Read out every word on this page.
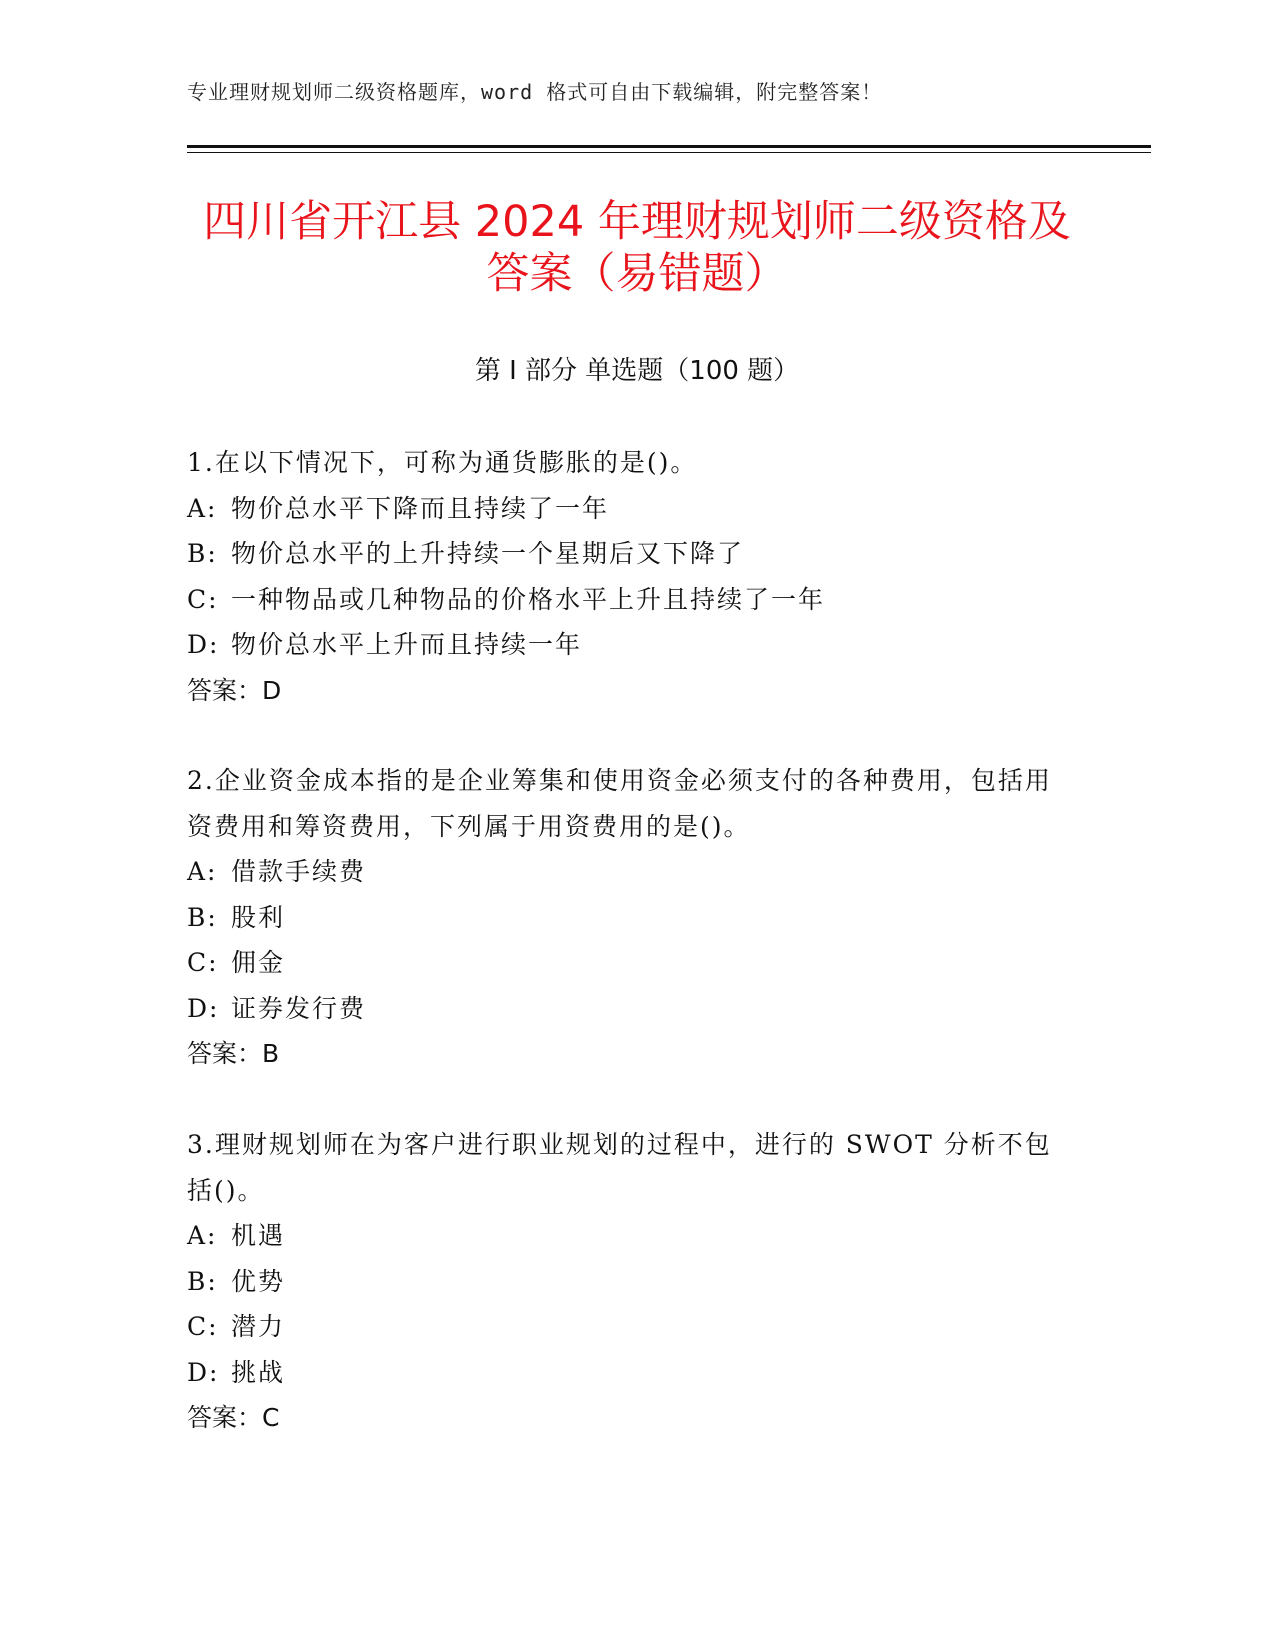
专业理财规划师二级资格题库，word 格式可自由下载编辑，附完整答案！
四川省开江县 2024 年理财规划师二级资格及
答案（易错题）
第 I 部分 单选题（100 题）

1.在以下情况下，可称为通货膨胀的是()。

A: 物价总水平下降而且持续了一年

B: 物价总水平的上升持续一个星期后又下降了

C: 一种物品或几种物品的价格水平上升且持续了一年

D: 物价总水平上升而且持续一年

答案：D

2.企业资金成本指的是企业筹集和使用资金必须支付的各种费用，包括用资费用和筹资费用，下列属于用资费用的是()。

A: 借款手续费

B: 股利

C: 佣金

D: 证券发行费

答案：B

3.理财规划师在为客户进行职业规划的过程中，进行的 SWOT 分析不包括()。

A: 机遇

B: 优势

C: 潜力

D: 挑战

答案：C
